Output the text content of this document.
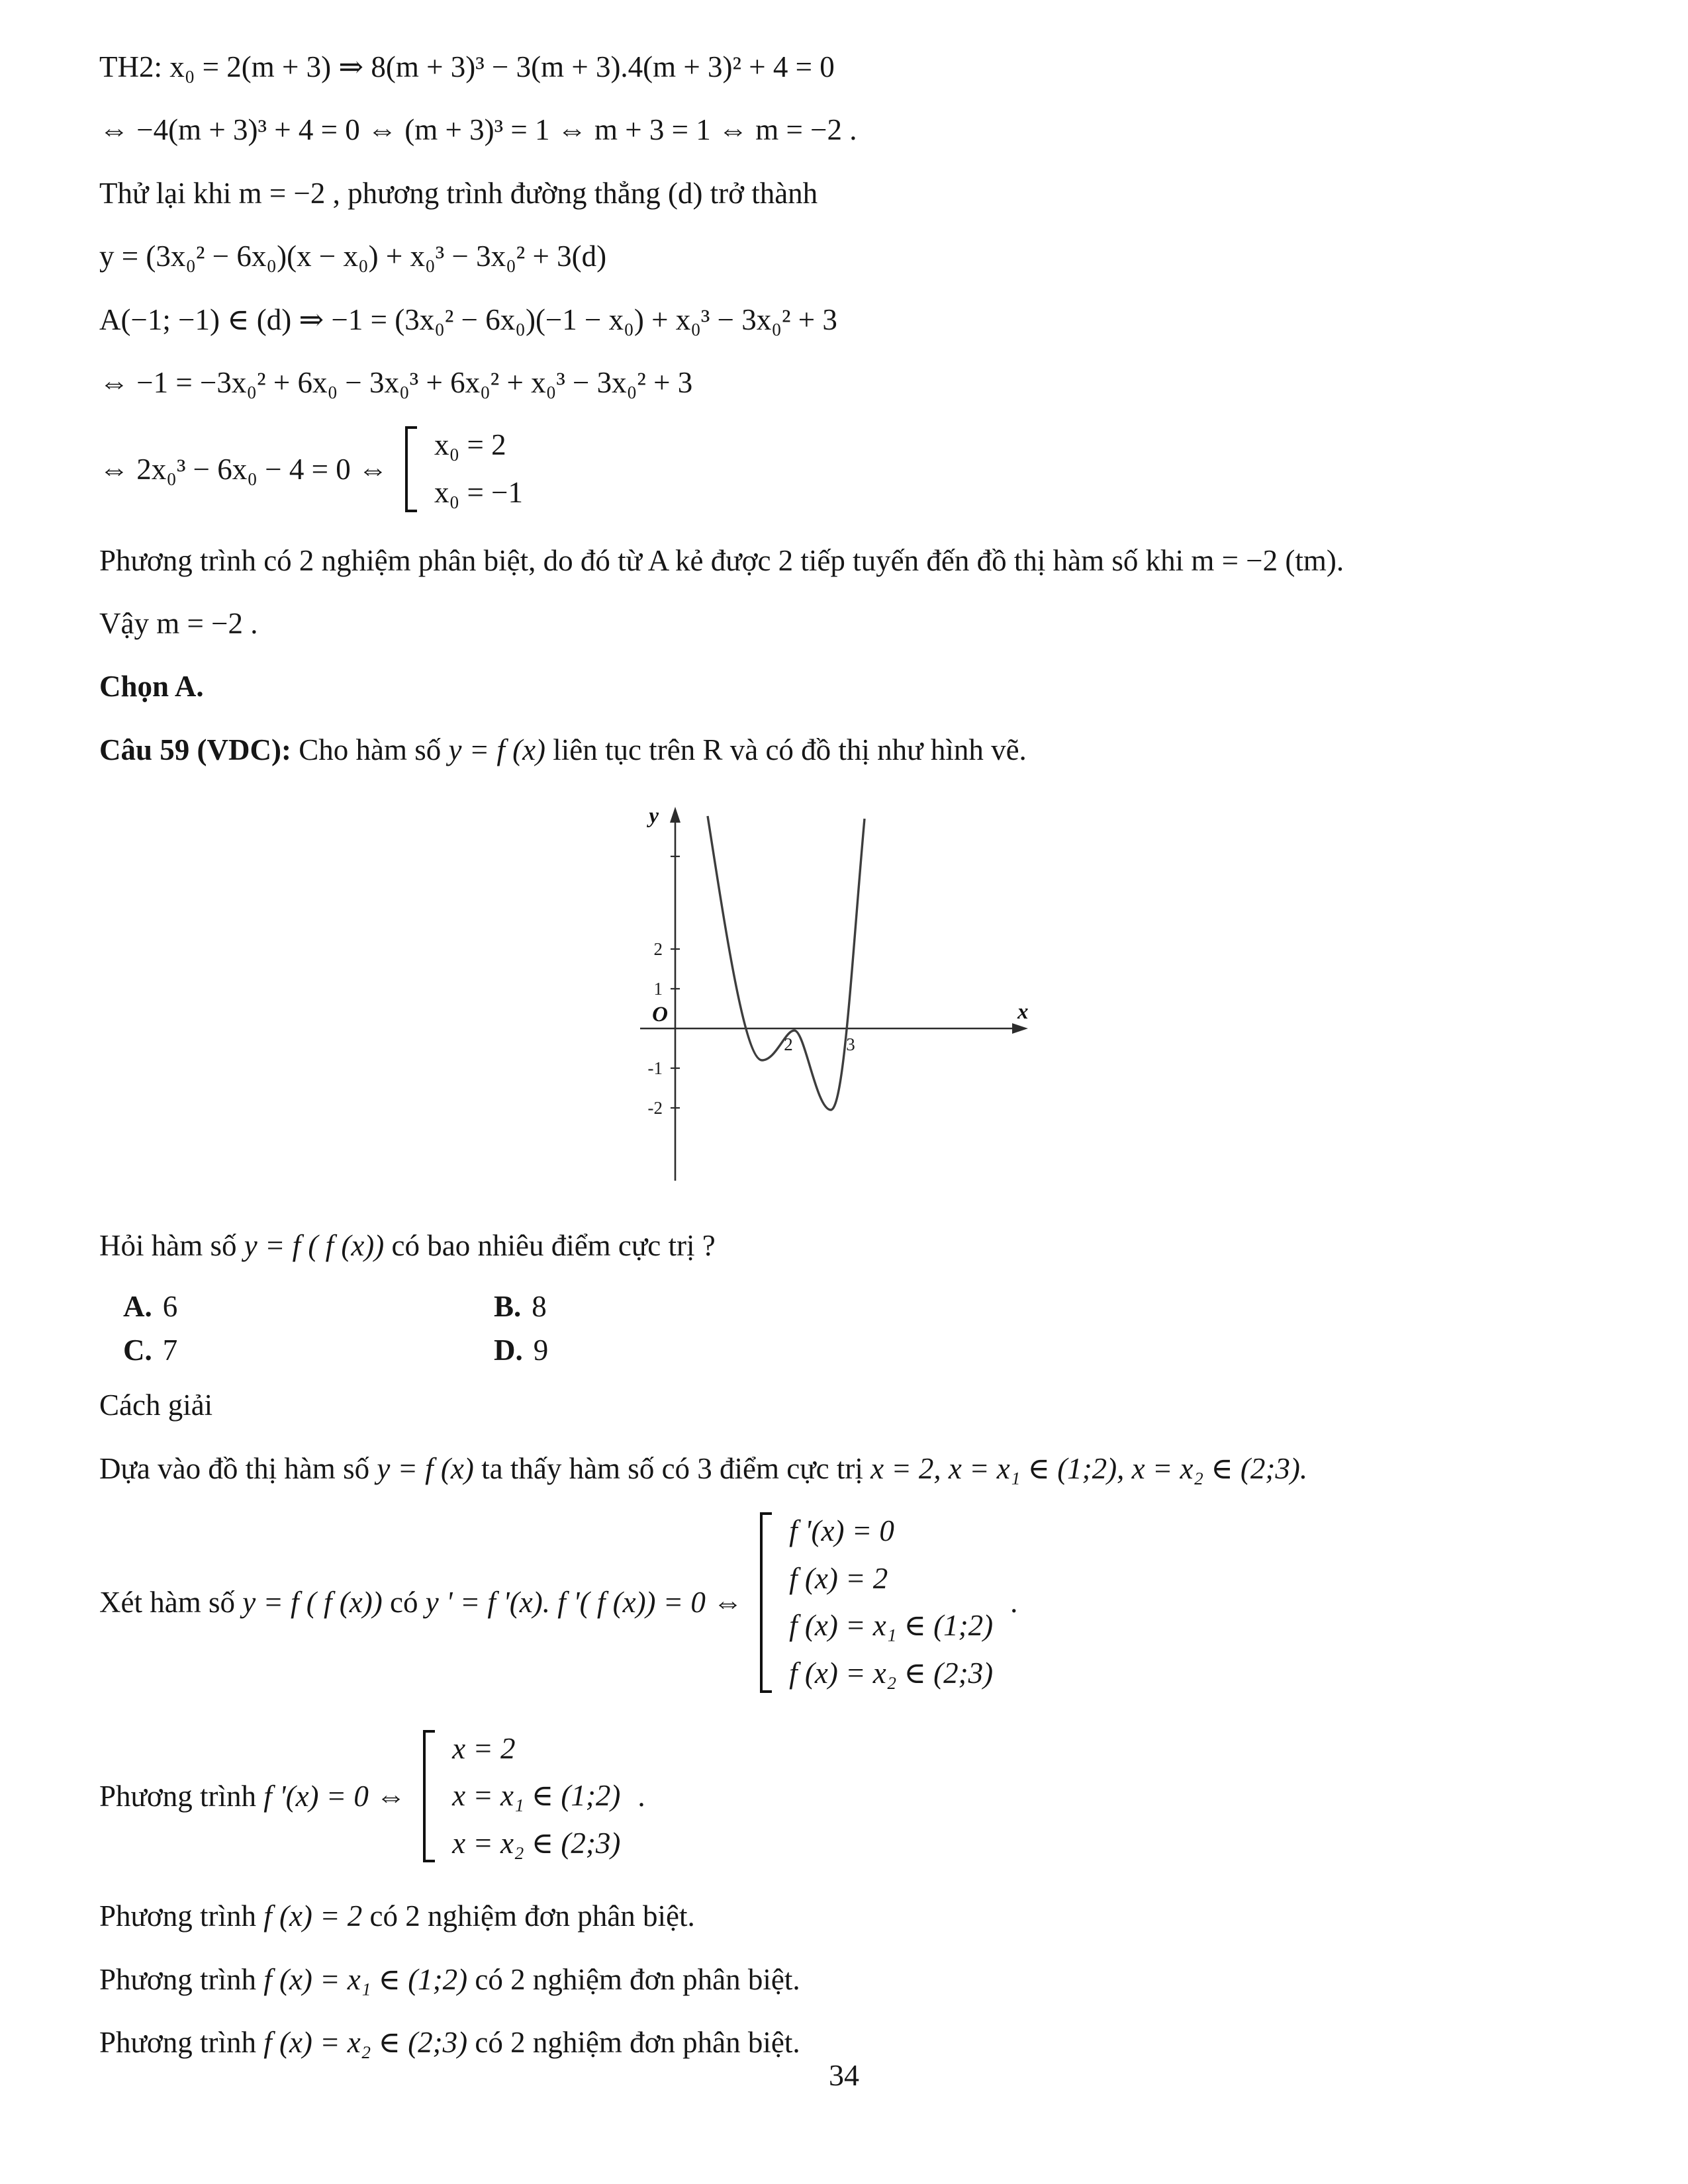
TH2: x₀ = 2(m + 3) ⇒ 8(m + 3)³ − 3(m + 3).4(m + 3)² + 4 = 0

⇔ −4(m + 3)³ + 4 = 0 ⇔ (m + 3)³ = 1 ⇔ m + 3 = 1 ⇔ m = −2 .

Thử lại khi m = −2 , phương trình đường thẳng (d) trở thành

y = (3x₀² − 6x₀)(x − x₀) + x₀³ − 3x₀² + 3(d)

A(−1; −1) ∈ (d) ⇒ −1 = (3x₀² − 6x₀)(−1 − x₀) + x₀³ − 3x₀² + 3

⇔ −1 = −3x₀² + 6x₀ − 3x₀³ + 6x₀² + x₀³ − 3x₀² + 3

⇔ 2x₀³ − 6x₀ − 4 = 0 ⇔
x₀ = 2
x₀ = −1

Phương trình có 2 nghiệm phân biệt, do đó từ A kẻ được 2 tiếp tuyến đến đồ thị hàm số khi m = −2 (tm).

Vậy m = −2 .

Chọn A.

Câu 59 (VDC): Cho hàm số y = f (x) liên tục trên R và có đồ thị như hình vẽ.

2
1
-1
-2
2	3
y
x
O

Hỏi hàm số y = f ( f (x)) có bao nhiêu điểm cực trị ?

A. 6	B. 8
C. 7	D. 9

Cách giải

Dựa vào đồ thị hàm số y = f (x) ta thấy hàm số có 3 điểm cực trị x = 2, x = x₁ ∈ (1;2), x = x₂ ∈ (2;3).

Xét hàm số y = f ( f (x)) có y ' = f '(x). f '( f (x)) = 0 ⇔
f '(x) = 0
f (x) = 2
f (x) = x₁ ∈ (1;2)
f (x) = x₂ ∈ (2;3)
.
Phương trình f '(x) = 0 ⇔
x = 2
x = x₁ ∈ (1;2)
x = x₂ ∈ (2;3)
.

Phương trình f (x) = 2 có 2 nghiệm đơn phân biệt.

Phương trình f (x) = x₁ ∈ (1;2) có 2 nghiệm đơn phân biệt.

Phương trình f (x) = x₂ ∈ (2;3) có 2 nghiệm đơn phân biệt.

34
